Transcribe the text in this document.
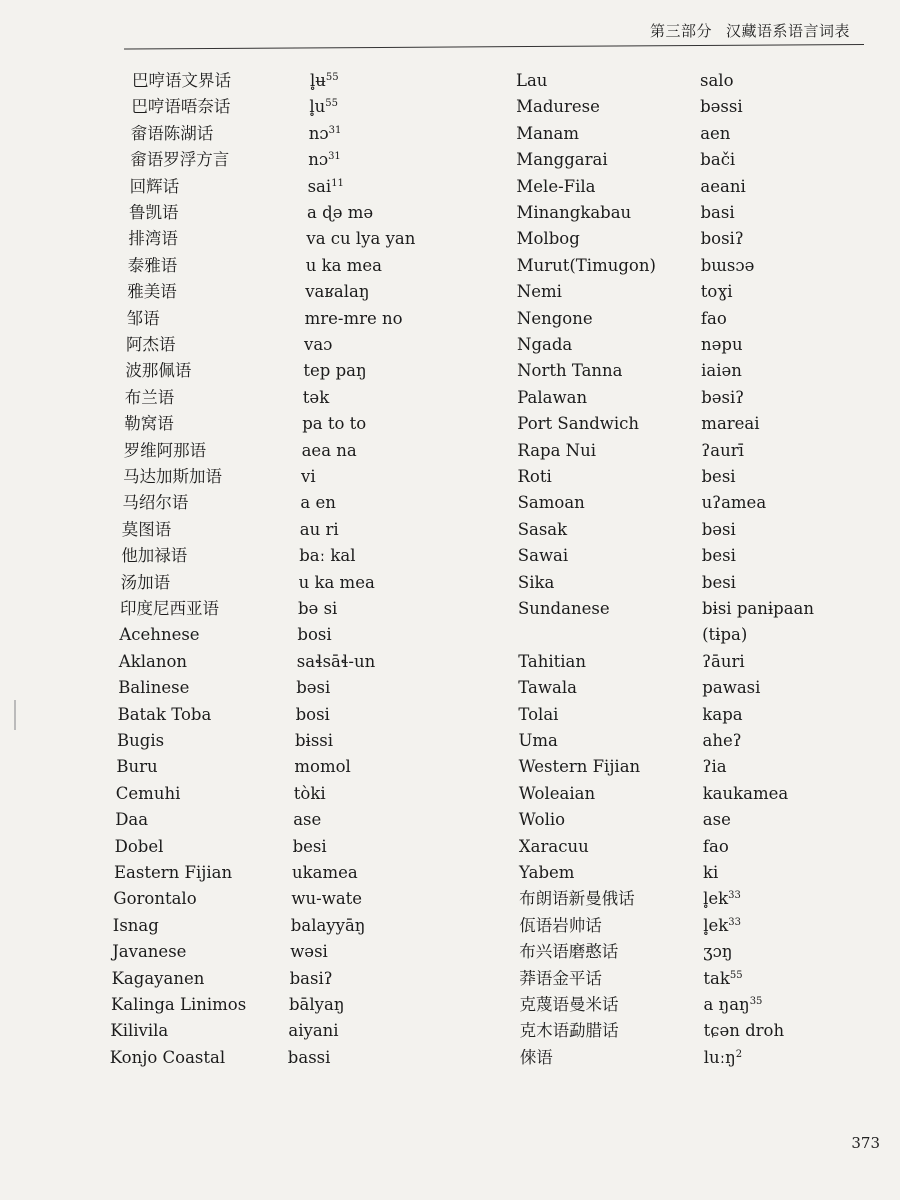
第三部分 汉藏语系语言词表
巴哼语文界话	l̥ʉ$^{55}$
巴哼语唔奈话	$l̥u^{55}$
畲语陈湖话	nɔ$^{31}$
畲语罗浮方言	nɔ$^{31}$
回辉话	sai$^{11}$
鲁凯语	a ɖə mə
排湾语	va cu lya yan
泰雅语	u ka mea
雅美语	vaʁalaŋ
邹语	mre-mre no
阿杰语	vaɔ
波那佩语	tep paŋ
布兰语	tək
勒窝语	pa to to
罗维阿那语	aea na
马达加斯加语	vi
马绍尔语	a en
莫图语	au ri
他加禄语	baː kal
汤加语	u ka mea
印度尼西亚语	bə si
Acehnese	bosi
Aklanon	saɬsāɬ-un
Balinese	bəsi
Batak Toba	bosi
Bugis	bɨssi
Buru	momol
Cemuhi	tòki
Daa	ase
Dobel	besi
Eastern Fijian	ukamea
Gorontalo	wu-wate
Isnag	balayyāŋ
Javanese	wəsi
Kagayanen	basiʔ
Kalinga Linimos	bālyaŋ
Kilivila	aiyani
Konjo Coastal	bassi
Lau	salo
Madurese	bəssi
Manam	aen
Manggarai	bači
Mele-Fila	aeani
Minangkabau	basi
Molbog	bosiʔ
Murut(Timugon)	bɯsɔə
Nemi	toɣi
Nengone	fao
Ngada	nəpu
North Tanna	iaiən
Palawan	bəsiʔ
Port Sandwich	mareai
Rapa Nui	ʔaurī
Roti	besi
Samoan	uʔamea
Sasak	bəsi
Sawai	besi
Sika	besi
Sundanese	bɨsi panɨpaan
(tɨpa)
Tahitian	ʔāuri
Tawala	pawasi
Tolai	kapa
Uma	aheʔ
Western Fijian	ʔia
Woleaian	kaukamea
Wolio	ase
Xaracuu	fao
Yabem	ki
布朗语新曼俄话	$l̥ek^{33}$
佤语岩帅话	$l̥ek^{33}$
布兴语磨憨话	ʒɔŋ
莽语金平话	tak$^{55}$
克蔑语曼米话	a ŋaŋ$^{35}$
克木语勐腊话	tɕən droh
倈语	luːŋ$^2$
373
